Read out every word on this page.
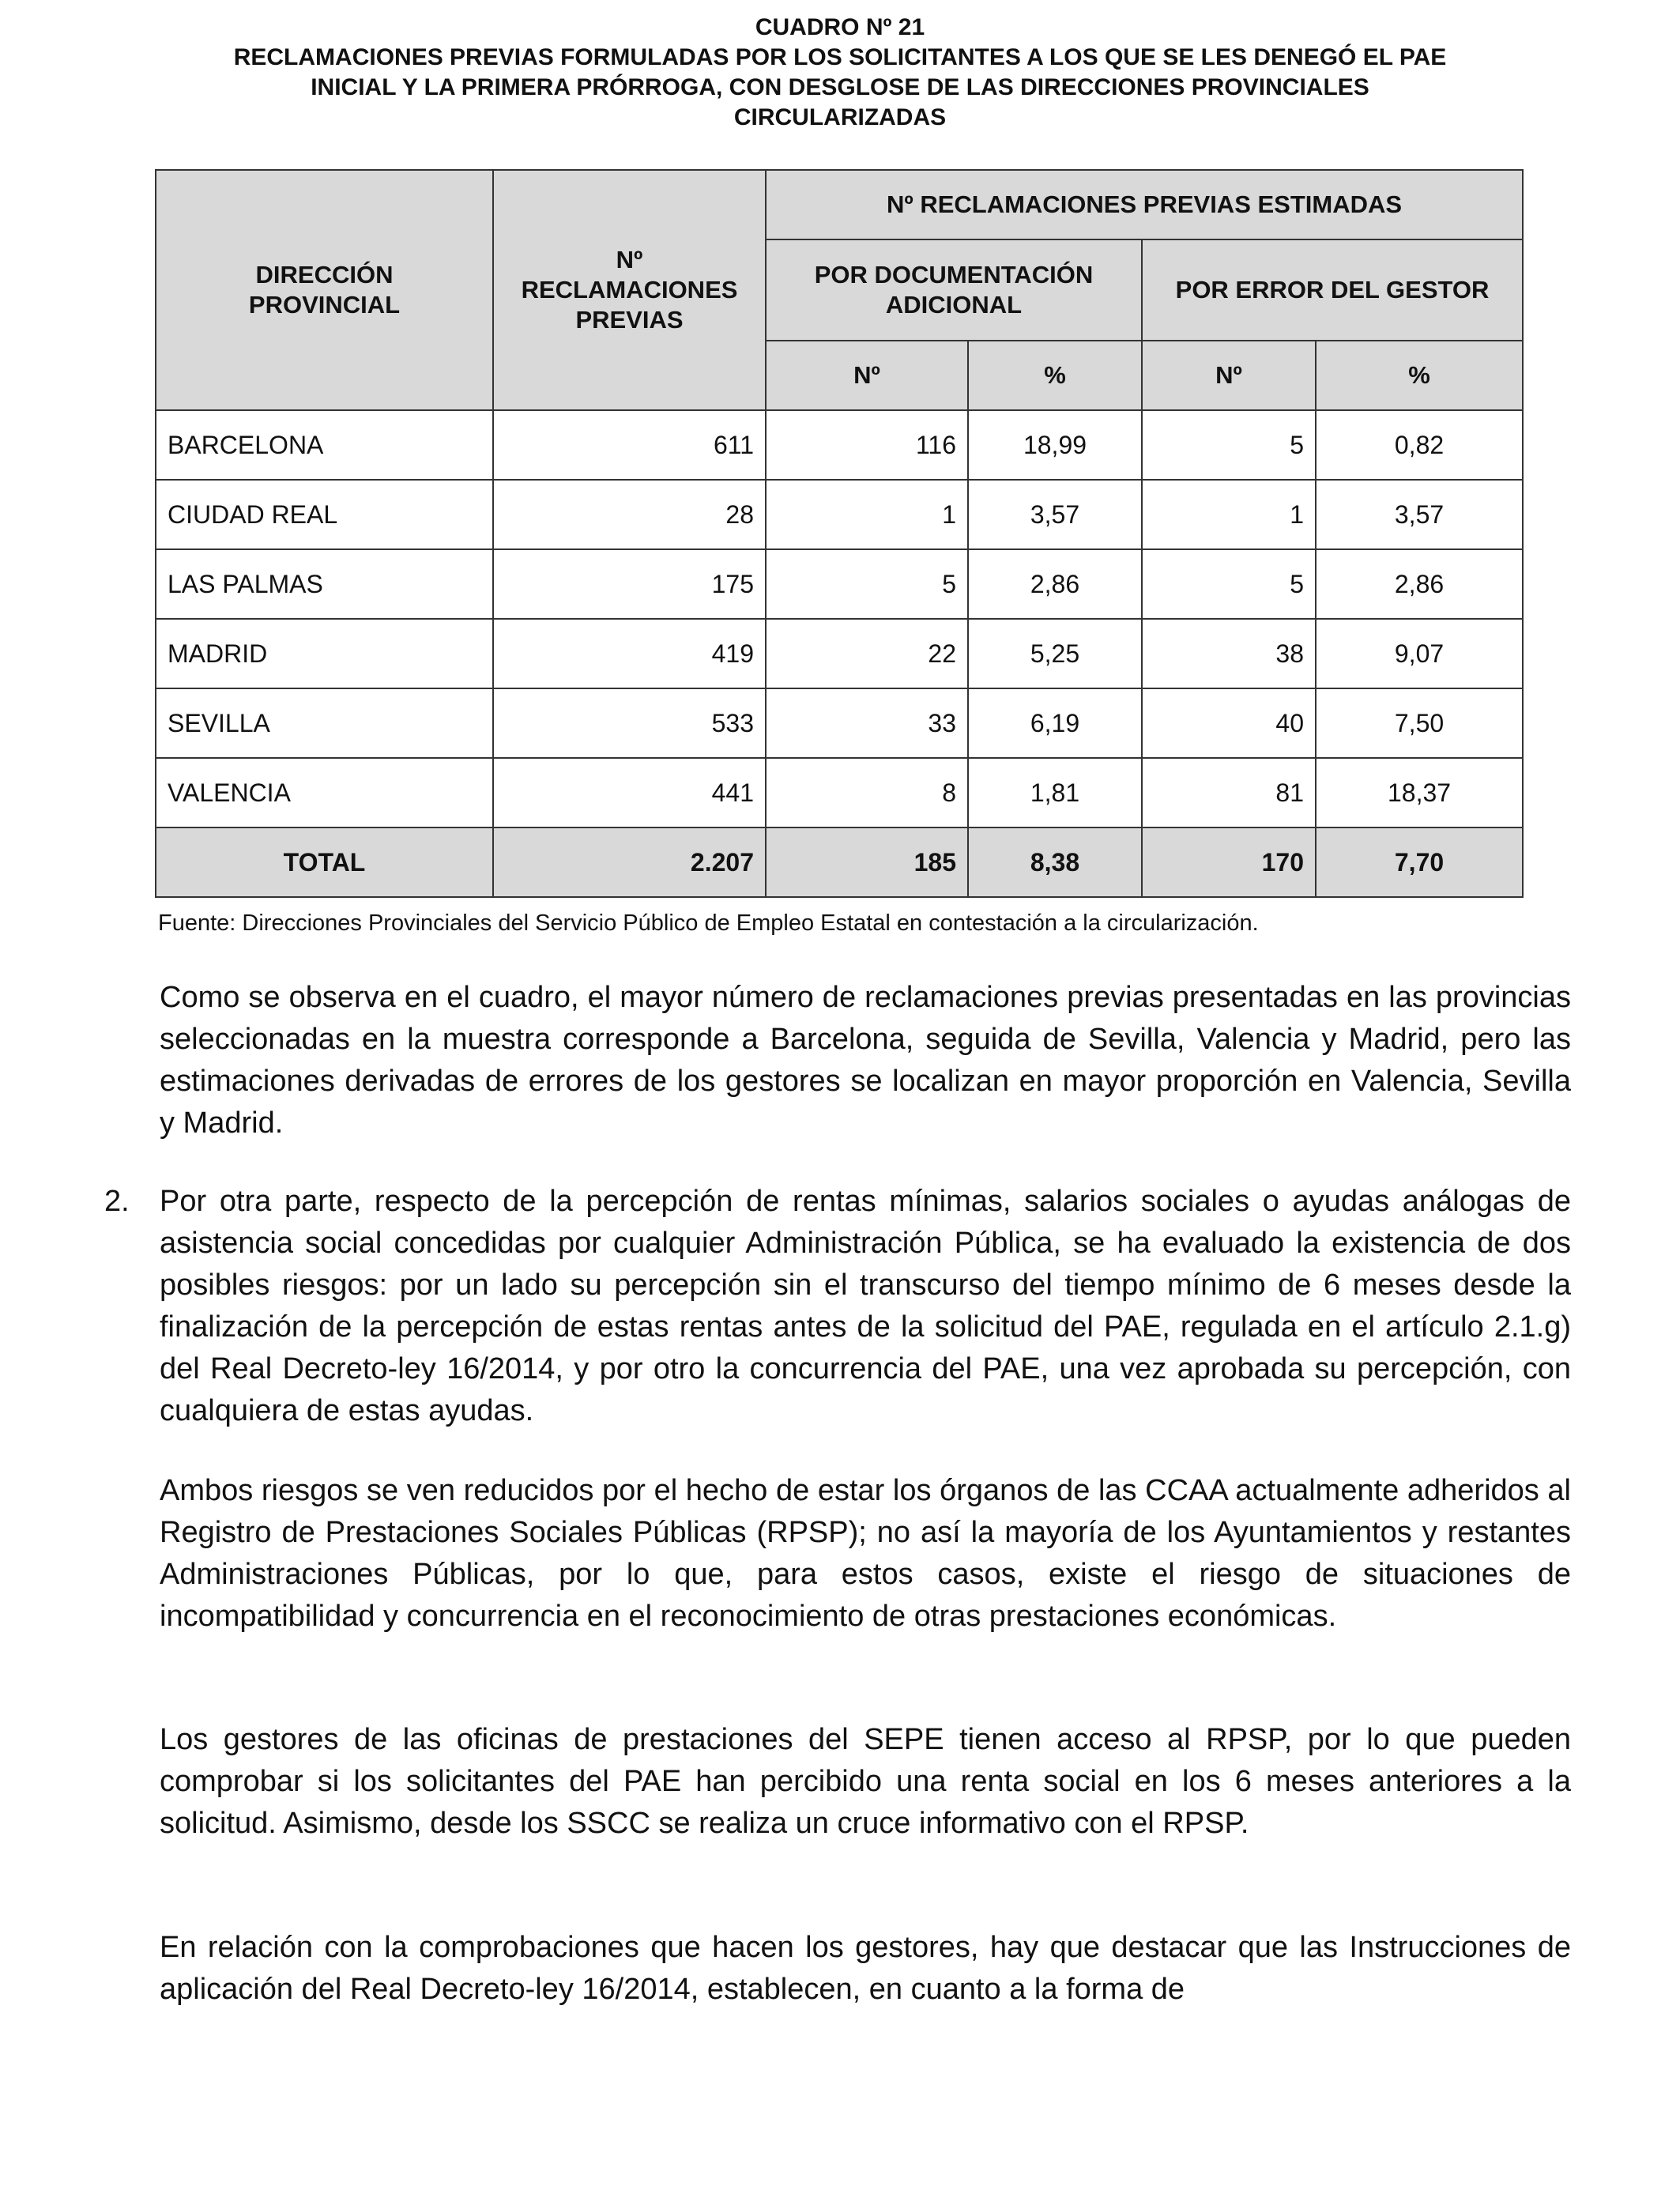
CUADRO Nº 21
RECLAMACIONES PREVIAS FORMULADAS POR LOS SOLICITANTES A LOS QUE SE LES DENEGÓ EL PAE
INICIAL Y LA PRIMERA PRÓRROGA, CON DESGLOSE DE LAS DIRECCIONES PROVINCIALES
CIRCULARIZADAS
DIRECCIÓN PROVINCIAL	Nº RECLAMACIONES PREVIAS	Nº RECLAMACIONES PREVIAS ESTIMADAS			
		POR DOCUMENTACIÓN ADICIONAL		POR ERROR DEL GESTOR	
		Nº	%	Nº	%
BARCELONA	611	116	18,99	5	0,82
CIUDAD REAL	28	1	3,57	1	3,57
LAS PALMAS	175	5	2,86	5	2,86
MADRID	419	22	5,25	38	9,07
SEVILLA	533	33	6,19	40	7,50
VALENCIA	441	8	1,81	81	18,37
TOTAL	2.207	185	8,38	170	7,70
Fuente: Direcciones Provinciales del Servicio Público de Empleo Estatal en contestación a la circularización.
Como se observa en el cuadro, el mayor número de reclamaciones previas presentadas en las provincias seleccionadas en la muestra corresponde a Barcelona, seguida de Sevilla, Valencia y Madrid, pero las estimaciones derivadas de errores de los gestores se localizan en mayor proporción en Valencia, Sevilla y Madrid.
2. Por otra parte, respecto de la percepción de rentas mínimas, salarios sociales o ayudas análogas de asistencia social concedidas por cualquier Administración Pública, se ha evaluado la existencia de dos posibles riesgos: por un lado su percepción sin el transcurso del tiempo mínimo de 6 meses desde la finalización de la percepción de estas rentas antes de la solicitud del PAE, regulada en el artículo 2.1.g) del Real Decreto-ley 16/2014, y por otro la concurrencia del PAE, una vez aprobada su percepción, con cualquiera de estas ayudas.
Ambos riesgos se ven reducidos por el hecho de estar los órganos de las CCAA actualmente adheridos al Registro de Prestaciones Sociales Públicas (RPSP); no así la mayoría de los Ayuntamientos y restantes Administraciones Públicas, por lo que, para estos casos, existe el riesgo de situaciones de incompatibilidad y concurrencia en el reconocimiento de otras prestaciones económicas.
Los gestores de las oficinas de prestaciones del SEPE tienen acceso al RPSP, por lo que pueden comprobar si los solicitantes del PAE han percibido una renta social en los 6 meses anteriores a la solicitud. Asimismo, desde los SSCC se realiza un cruce informativo con el RPSP.
En relación con la comprobaciones que hacen los gestores, hay que destacar que las Instrucciones de aplicación del Real Decreto-ley 16/2014, establecen, en cuanto a la forma de
